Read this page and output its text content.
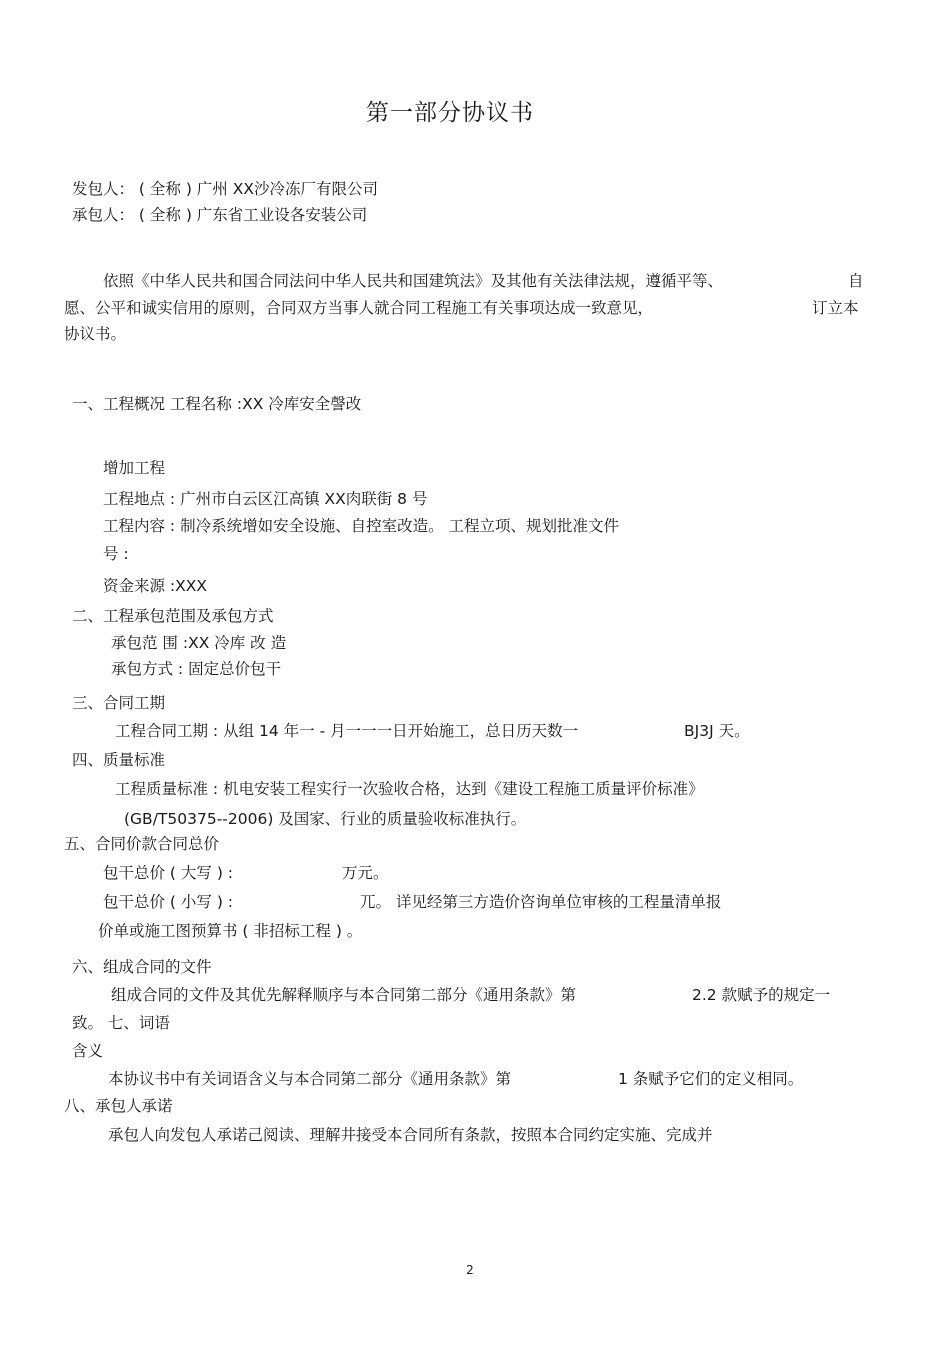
第一部分协议书
发包人： ( 全称 ) 广州 XX沙冷冻厂有限公司
承包人： ( 全称 ) 广东省工业设各安装公司
依照《中华人民共和国合同法问中华人民共和国建筑法》及其他有关法律法规，遵循平等、	自
愿、公平和诚实信用的原则，合同双方当事人就合同工程施工有关事项达成一致意见，	订立本
协议书。
一、工程概况 工程名称 :XX 冷库安全謦改
增加工程
工程地点 : 广州市白云区江高镇 XX肉联街 8 号
工程内容 : 制冷系统增如安全设施、自控室改造。 工程立项、规划批准文件
号 :
资金来源 :XXX
二、工程承包范围及承包方式
承包范 围 :XX 冷库 改 造
承包方式 : 固定总价包干
三、合同工期
工程合同工期 : 从组 14 年一 - 月一一一日开始施工，总日历天数一	BJ3J 天。
四、质量标准
工程质量标准 : 机电安装工程实行一次验收合格，达到《建设工程施工质量评价标准》
(GB/T50375--2006) 及国家、行业的质量验收标准执行。
五、合同价款合同总价
包干总价 ( 大写 ) :	万元。
包干总价 ( 小写 ) :	兀。 详见经第三方造价咨询单位审核的工程量清单报
价单或施工图预算书 ( 非招标工程 ) 。
六、组成合同的文件
组成合同的文件及其优先解释顺序与本合同第二部分《通用条款》第	2.2 款赋予的规定一
致。 七、词语
含义
本协议书中有关词语含义与本合同第二部分《通用条款》第	1 条赋予它们的定义相同。
八、承包人承诺
承包人向发包人承诺己阅读、理解井接受本合同所有条款，按照本合同约定实施、完成并
2
